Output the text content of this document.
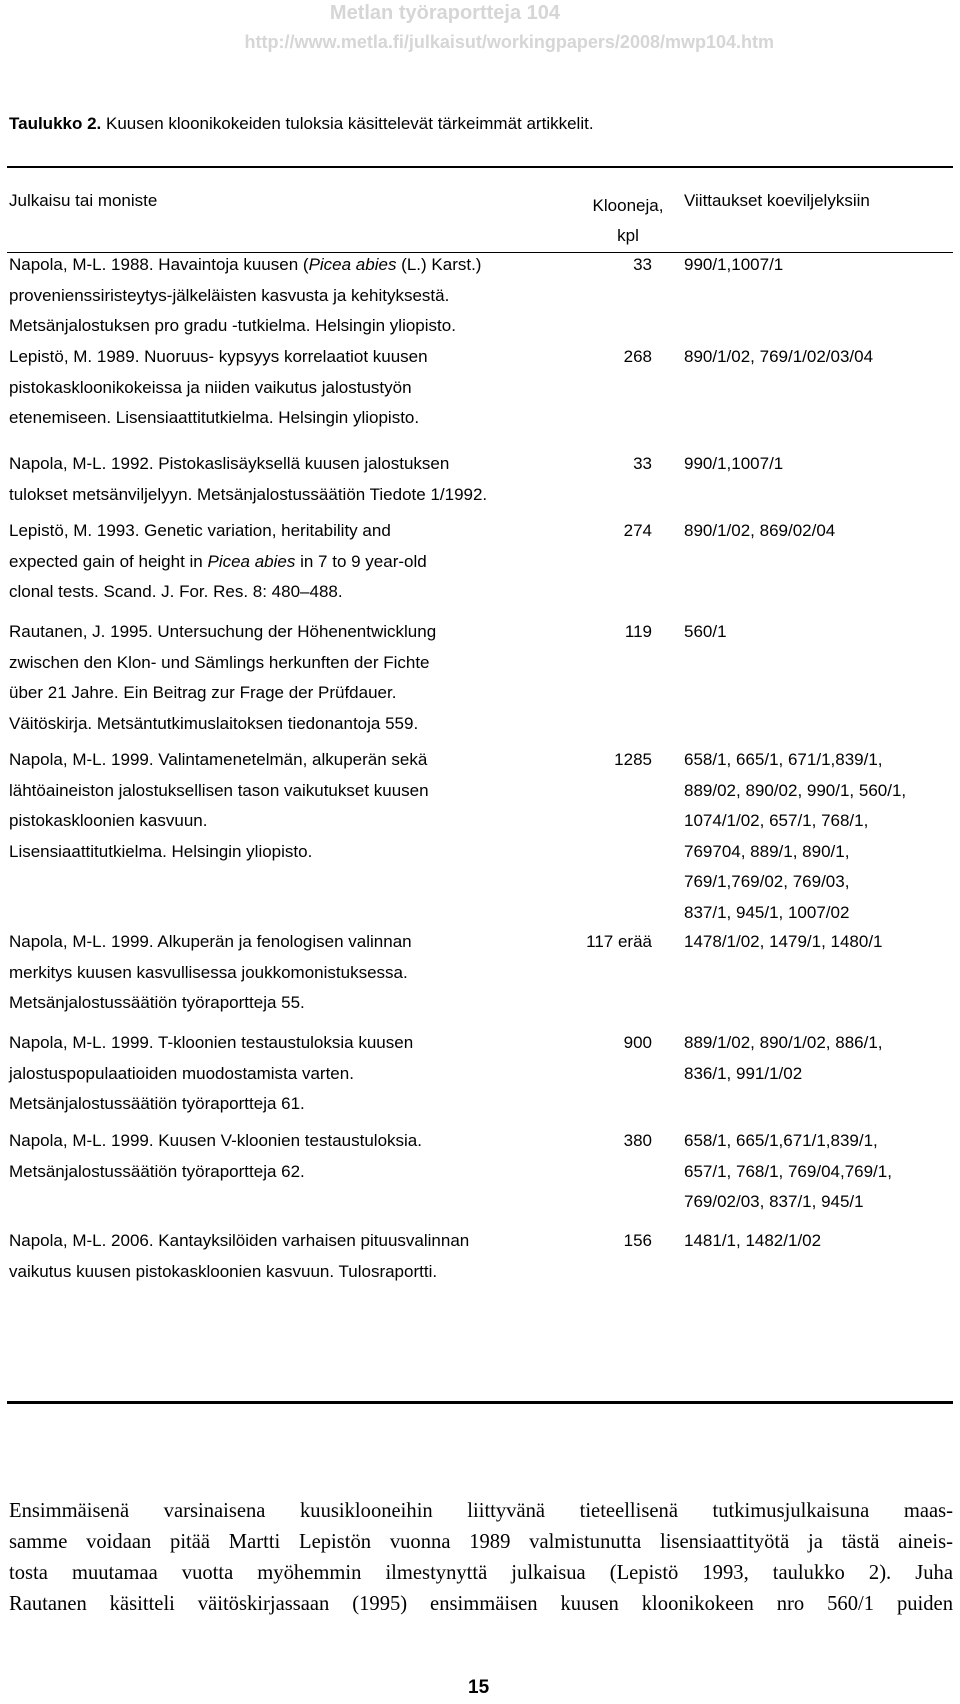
Metlan työraportteja 104
http://www.metla.fi/julkaisut/workingpapers/2008/mwp104.htm
Taulukko 2. Kuusen kloonikokeiden tuloksia käsittelevät tärkeimmät artikkelit.
Julkaisu tai moniste	Klooneja, kpl
Viittaukset koeviljelyksiin
Napola, M-L. 1988. Havaintoja kuusen (Picea abies (L.) Karst.)
provenienssiristeytys-jälkeläisten kasvusta ja kehityksestä.
Metsänjalostuksen pro gradu -tutkielma. Helsingin yliopisto.
33 990/1,1007/1
Lepistö, M. 1989. Nuoruus- kypsyys korrelaatiot kuusen
pistokaskloonikokeissa ja niiden vaikutus jalostustyön
etenemiseen. Lisensiaattitutkielma. Helsingin yliopisto.
268 890/1/02, 769/1/02/03/04
Napola, M-L. 1992. Pistokaslisäyksellä kuusen jalostuksen
tulokset metsänviljelyyn. Metsänjalostussäätiön Tiedote 1/1992.
33 990/1,1007/1
Lepistö, M. 1993. Genetic variation, heritability and
expected gain of height in Picea abies in 7 to 9 year-old
clonal tests. Scand. J. For. Res. 8: 480–488.
274 890/1/02, 869/02/04
Rautanen, J. 1995. Untersuchung der Höhenentwicklung
zwischen den Klon- und Sämlings herkunften der Fichte
über 21 Jahre. Ein Beitrag zur Frage der Prüfdauer.
Väitöskirja. Metsäntutkimuslaitoksen tiedonantoja 559.
119 560/1
Napola, M-L. 1999. Valintamenetelmän, alkuperän sekä
lähtöaineiston jalostuksellisen tason vaikutukset kuusen
pistokaskloonien kasvuun.
Lisensiaattitutkielma. Helsingin yliopisto.
1285 658/1, 665/1, 671/1,839/1,
889/02, 890/02, 990/1, 560/1,
1074/1/02, 657/1, 768/1,
769704, 889/1, 890/1,
769/1,769/02, 769/03,
837/1, 945/1, 1007/02
Napola, M-L. 1999. Alkuperän ja fenologisen valinnan
merkitys kuusen kasvullisessa joukkomonistuksessa.
Metsänjalostussäätiön työraportteja 55.
117 erää 1478/1/02, 1479/1, 1480/1
Napola, M-L. 1999. T-kloonien testaustuloksia kuusen
jalostuspopulaatioiden muodostamista varten.
Metsänjalostussäätiön työraportteja 61.
900 889/1/02, 890/1/02, 886/1,
836/1, 991/1/02
Napola, M-L. 1999. Kuusen V-kloonien testaustuloksia.
Metsänjalostussäätiön työraportteja 62.
380 658/1, 665/1,671/1,839/1,
657/1, 768/1, 769/04,769/1,
769/02/03, 837/1, 945/1
Napola, M-L. 2006. Kantayksilöiden varhaisen pituusvalinnan
vaikutus kuusen pistokaskloonien kasvuun. Tulosraportti.
156 1481/1, 1482/1/02
Ensimmäisenä varsinaisena kuusiklooneihin liittyvänä tieteellisenä tutkimusjulkaisuna maas-
samme voidaan pitää Martti Lepistön vuonna 1989 valmistunutta lisensiaattityötä ja tästä aineis-
tosta muutamaa vuotta myöhemmin ilmestynyttä julkaisua (Lepistö 1993, taulukko 2). Juha
Rautanen käsitteli väitöskirjassaan (1995) ensimmäisen kuusen kloonikokeen nro 560/1 puiden
15
